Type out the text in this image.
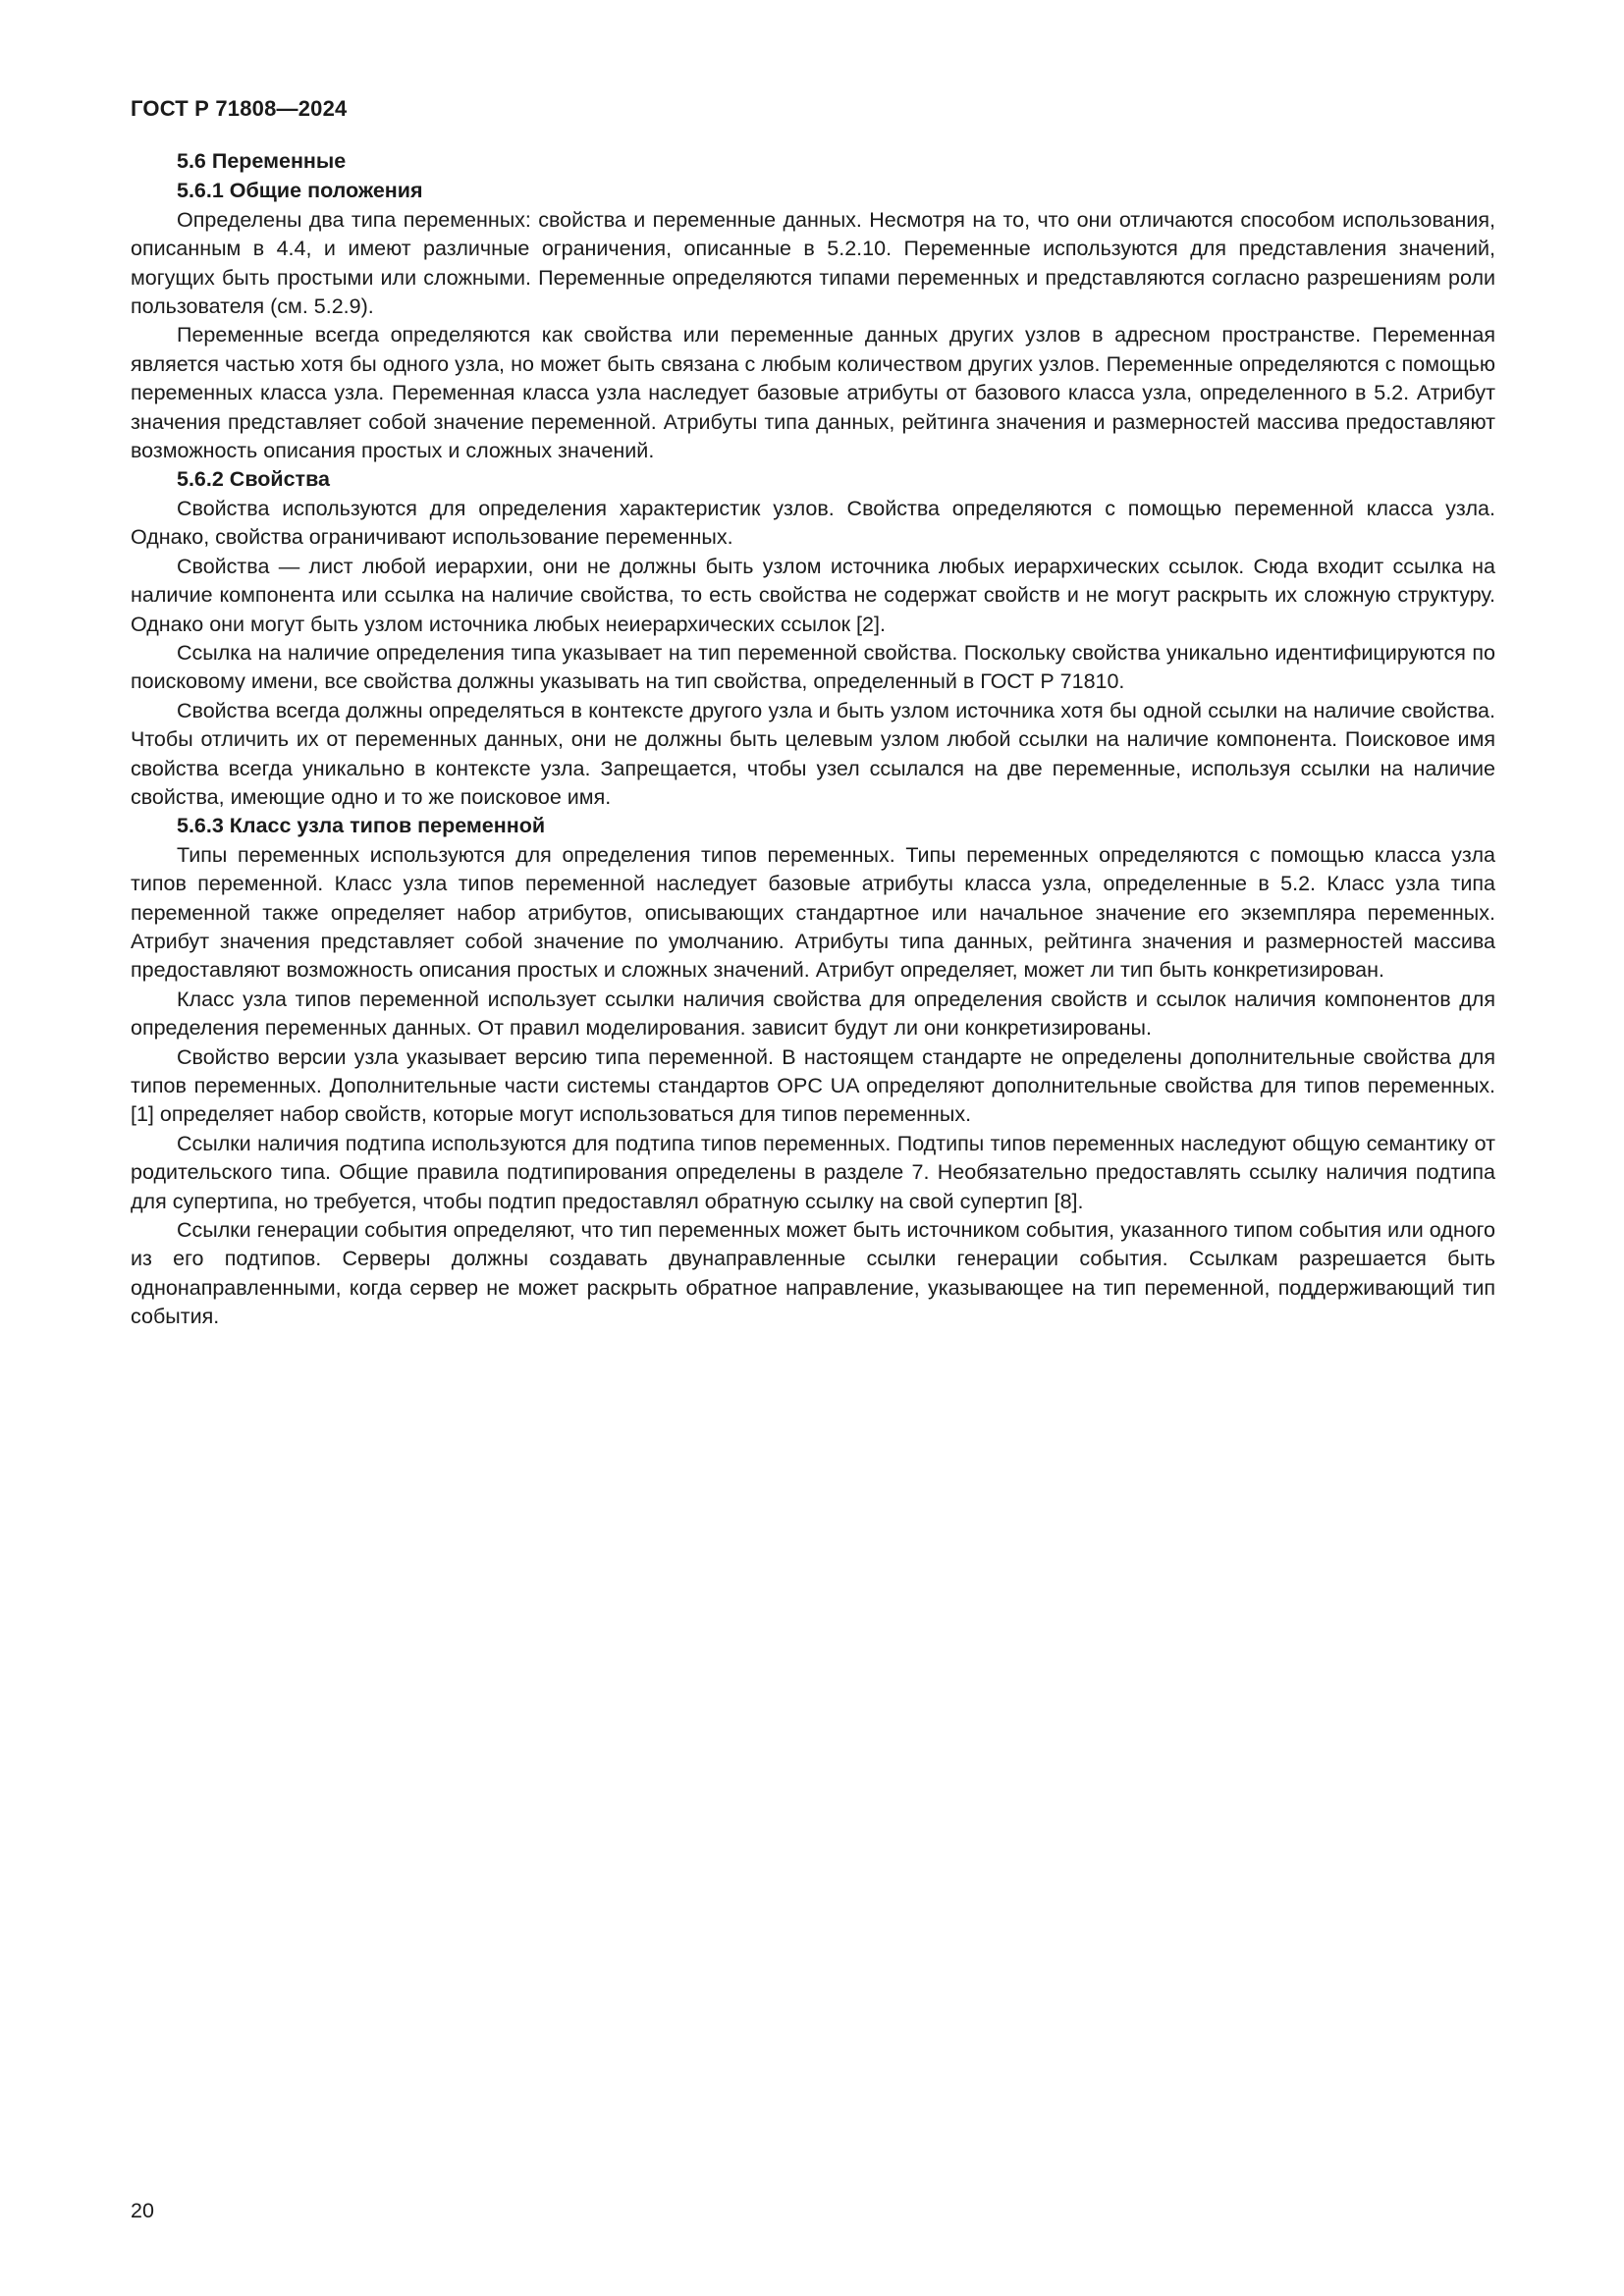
ГОСТ Р 71808—2024
5.6 Переменные
5.6.1 Общие положения

Определены два типа переменных: свойства и переменные данных. Несмотря на то, что они отличаются способом использования, описанным в 4.4, и имеют различные ограничения, описанные в 5.2.10. Переменные используются для представления значений, могущих быть простыми или сложными. Переменные определяются типами переменных и представляются согласно разрешениям роли пользователя (см. 5.2.9).

Переменные всегда определяются как свойства или переменные данных других узлов в адресном пространстве. Переменная является частью хотя бы одного узла, но может быть связана с любым количеством других узлов. Переменные определяются с помощью переменных класса узла. Переменная класса узла наследует базовые атрибуты от базового класса узла, определенного в 5.2. Атрибут значения представляет собой значение переменной. Атрибуты типа данных, рейтинга значения и размерностей массива предоставляют возможность описания простых и сложных значений.

5.6.2 Свойства

Свойства используются для определения характеристик узлов. Свойства определяются с помощью переменной класса узла. Однако, свойства ограничивают использование переменных.

Свойства — лист любой иерархии, они не должны быть узлом источника любых иерархических ссылок. Сюда входит ссылка на наличие компонента или ссылка на наличие свойства, то есть свойства не содержат свойств и не могут раскрыть их сложную структуру. Однако они могут быть узлом источника любых неиерархических ссылок [2].

Ссылка на наличие определения типа указывает на тип переменной свойства. Поскольку свойства уникально идентифицируются по поисковому имени, все свойства должны указывать на тип свойства, определенный в ГОСТ Р 71810.

Свойства всегда должны определяться в контексте другого узла и быть узлом источника хотя бы одной ссылки на наличие свойства. Чтобы отличить их от переменных данных, они не должны быть целевым узлом любой ссылки на наличие компонента. Поисковое имя свойства всегда уникально в контексте узла. Запрещается, чтобы узел ссылался на две переменные, используя ссылки на наличие свойства, имеющие одно и то же поисковое имя.

5.6.3 Класс узла типов переменной

Типы переменных используются для определения типов переменных. Типы переменных определяются с помощью класса узла типов переменной. Класс узла типов переменной наследует базовые атрибуты класса узла, определенные в 5.2. Класс узла типа переменной также определяет набор атрибутов, описывающих стандартное или начальное значение его экземпляра переменных. Атрибут значения представляет собой значение по умолчанию. Атрибуты типа данных, рейтинга значения и размерностей массива предоставляют возможность описания простых и сложных значений. Атрибут определяет, может ли тип быть конкретизирован.

Класс узла типов переменной использует ссылки наличия свойства для определения свойств и ссылок наличия компонентов для определения переменных данных. От правил моделирования. зависит будут ли они конкретизированы.

Свойство версии узла указывает версию типа переменной. В настоящем стандарте не определены дополнительные свойства для типов переменных. Дополнительные части системы стандартов OPC UA определяют дополнительные свойства для типов переменных. [1] определяет набор свойств, которые могут использоваться для типов переменных.

Ссылки наличия подтипа используются для подтипа типов переменных. Подтипы типов переменных наследуют общую семантику от родительского типа. Общие правила подтипирования определены в разделе 7. Необязательно предоставлять ссылку наличия подтипа для супертипа, но требуется, чтобы подтип предоставлял обратную ссылку на свой супертип [8].

Ссылки генерации события определяют, что тип переменных может быть источником события, указанного типом события или одного из его подтипов. Серверы должны создавать двунаправленные ссылки генерации события. Ссылкам разрешается быть однонаправленными, когда сервер не может раскрыть обратное направление, указывающее на тип переменной, поддерживающий тип события.

20
